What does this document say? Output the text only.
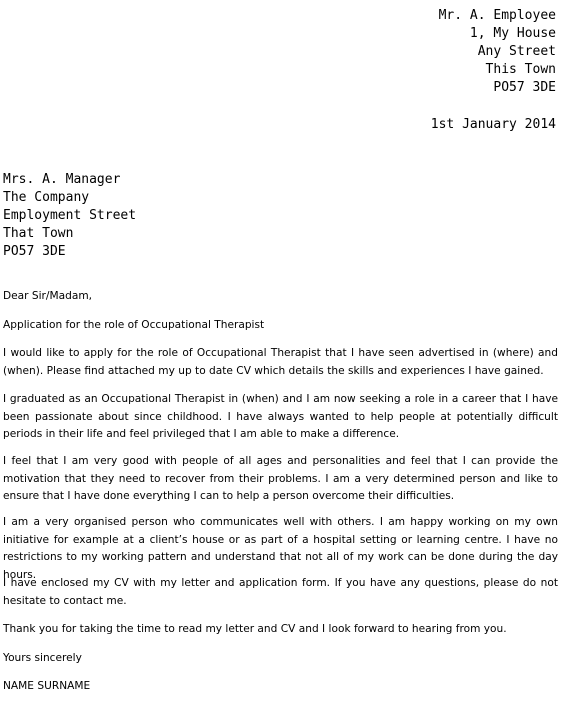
Mr. A. Employee
1, My House
Any Street
This Town
PO57 3DE
1st January 2014
Mrs. A. Manager
The Company
Employment Street
That Town
PO57 3DE

Dear Sir/Madam,

Application for the role of Occupational Therapist

I would like to apply for the role of Occupational Therapist that I have seen advertised in (where) and (when). Please find attached my up to date CV which details the skills and experiences I have gained.

I graduated as an Occupational Therapist in (when) and I am now seeking a role in a career that I have been passionate about since childhood. I have always wanted to help people at potentially difficult periods in their life and feel privileged that I am able to make a difference.

I feel that I am very good with people of all ages and personalities and feel that I can provide the motivation that they need to recover from their problems. I am a very determined person and like to ensure that I have done everything I can to help a person overcome their difficulties.

I am a very organised person who communicates well with others. I am happy working on my own initiative for example at a client’s house or as part of a hospital setting or learning centre. I have no restrictions to my working pattern and understand that not all of my work can be done during the day hours.

I have enclosed my CV with my letter and application form. If you have any questions, please do not hesitate to contact me.

Thank you for taking the time to read my letter and CV and I look forward to hearing from you.

Yours sincerely

NAME SURNAME
